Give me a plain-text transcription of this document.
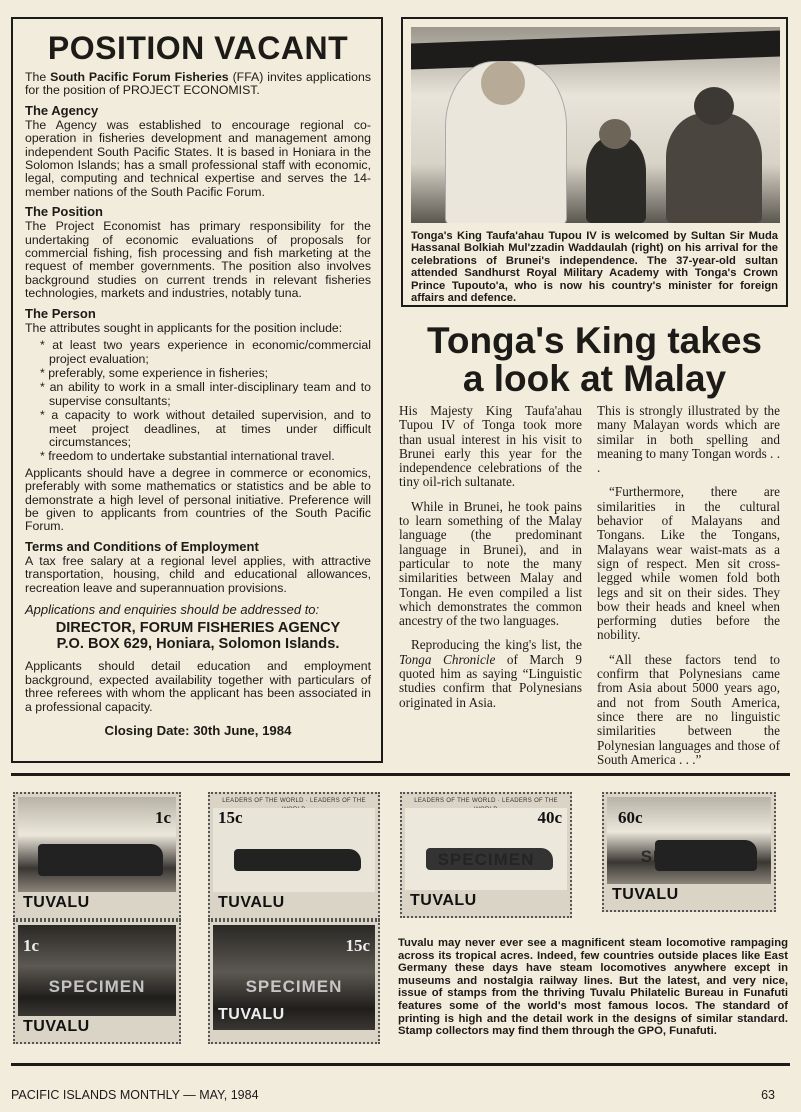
POSITION VACANT

The South Pacific Forum Fisheries (FFA) invites applications for the position of PROJECT ECONOMIST.

The Agency

The Agency was established to encourage regional co-operation in fisheries development and management among independent South Pacific States. It is based in Honiara in the Solomon Islands; has a small professional staff with economic, legal, computing and technical expertise and serves the 14-member nations of the South Pacific Forum.

The Position

The Project Economist has primary responsibility for the undertaking of economic evaluations of proposals for commercial fishing, fish processing and fish marketing at the request of member governments. The position also involves background studies on current trends in relevant fisheries technologies, markets and industries, notably tuna.

The Person

The attributes sought in applicants for the position include:

* at least two years experience in economic/commercial project evaluation;
* preferably, some experience in fisheries;
* an ability to work in a small inter-disciplinary team and to supervise consultants;
* a capacity to work without detailed supervision, and to meet project deadlines, at times under difficult circumstances;
* freedom to undertake substantial international travel.

Applicants should have a degree in commerce or economics, preferably with some mathematics or statistics and be able to demonstrate a high level of personal initiative. Preference will be given to applicants from countries of the South Pacific Forum.

Terms and Conditions of Employment

A tax free salary at a regional level applies, with attractive transportation, housing, child and educational allowances, recreation leave and superannuation provisions.

Applications and enquiries should be addressed to:

DIRECTOR, FORUM FISHERIES AGENCY
P.O. BOX 629, Honiara, Solomon Islands.

Applicants should detail education and employment background, expected availability together with particulars of three referees with whom the applicant has been associated in a professional capacity.

Closing Date: 30th June, 1984

Tonga's King Taufa'ahau Tupou IV is welcomed by Sultan Sir Muda Hassanal Bolkiah Mul'zzadin Waddaulah (right) on his arrival for the celebrations of Brunei's independence. The 37-year-old sultan attended Sandhurst Royal Military Academy with Tonga's Crown Prince Tupouto'a, who is now his country's minister for foreign affairs and defence.
Tonga's King takes
a look at Malay

His Majesty King Taufa'ahau Tupou IV of Tonga took more than usual interest in his visit to Brunei early this year for the independence celebrations of the tiny oil-rich sultanate.

While in Brunei, he took pains to learn something of the Malay language (the predominant language in Brunei), and in particular to note the many similarities between Malay and Tongan. He even compiled a list which demonstrates the common ancestry of the two languages.

Reproducing the king's list, the Tonga Chronicle of March 9 quoted him as saying “Linguistic studies confirm that Polynesians originated in Asia.

This is strongly illustrated by the many Malayan words which are similar in both spelling and meaning to many Tongan words . . .

“Furthermore, there are similarities in the cultural behavior of Malayans and Tongans. Like the Tongans, Malayans wear waist-mats as a sign of respect. Men sit cross-legged while women fold both legs and sit on their sides. They bow their heads and kneel when performing duties before the nobility.

“All these factors tend to confirm that Polynesians came from Asia about 5000 years ago, and not from South America, since there are no linguistic similarities between the Polynesian languages and those of South America . . .”

1c
SPECIMEN
TUVALU
LEADERS OF THE WORLD · LEADERS OF THE
15c
SPECIMEN
TUVALU
LEADERS OF THE WORLD · LEADERS OF THE
40c
SPECIMEN
TUVALU
60c
SPECIMEN
TUVALU
1c
SPECIMEN
TUVALU
15c
SPECIMEN
TUVALU
Tuvalu may never ever see a magnificent steam locomotive rampaging across its tropical acres. Indeed, few countries outside places like East Germany these days have steam locomotives anywhere except in museums and nostalgia railway lines. But the latest, and very nice, issue of stamps from the thriving Tuvalu Philatelic Bureau in Funafuti features some of the world's most famous locos. The standard of printing is high and the detail work in the designs of similar standard. Stamp collectors may find them through the GPO, Funafuti.
PACIFIC ISLANDS MONTHLY — MAY, 1984	63
